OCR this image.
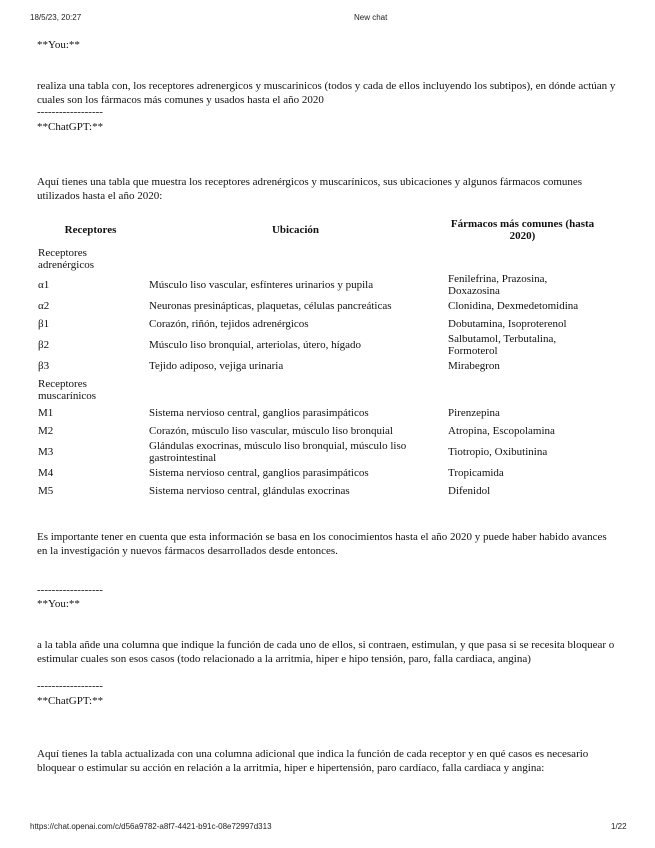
18/5/23, 20:27	New chat
**You:**
realiza una tabla con, los receptores adrenergicos y muscarinicos (todos y cada de ellos incluyendo los subtipos), en dónde actúan y cuales son los fármacos más comunes y usados hasta el año 2020
------------------
**ChatGPT:**
Aquí tienes una tabla que muestra los receptores adrenérgicos y muscarínicos, sus ubicaciones y algunos fármacos comunes utilizados hasta el año 2020:
Receptores	Ubicación	Fármacos más comunes (hasta 2020)
Receptores adrenérgicos		
α1	Músculo liso vascular, esfínteres urinarios y pupila	Fenilefrina, Prazosina, Doxazosina
α2	Neuronas presinápticas, plaquetas, células pancreáticas	Clonidina, Dexmedetomidina
β1	Corazón, riñón, tejidos adrenérgicos	Dobutamina, Isoproterenol
β2	Músculo liso bronquial, arteriolas, útero, hígado	Salbutamol, Terbutalina, Formoterol
β3	Tejido adiposo, vejiga urinaria	Mirabegron
Receptores muscarínicos		
M1	Sistema nervioso central, ganglios parasimpáticos	Pirenzepina
M2	Corazón, músculo liso vascular, músculo liso bronquial	Atropina, Escopolamina
M3	Glándulas exocrinas, músculo liso bronquial, músculo liso gastrointestinal	Tiotropio, Oxibutinina
M4	Sistema nervioso central, ganglios parasimpáticos	Tropicamida
M5	Sistema nervioso central, glándulas exocrinas	Difenidol
Es importante tener en cuenta que esta información se basa en los conocimientos hasta el año 2020 y puede haber habido avances en la investigación y nuevos fármacos desarrollados desde entonces.
------------------
**You:**
a la tabla añde una columna que indique la función de cada uno de ellos, si contraen, estimulan, y que pasa si se recesita bloquear o estimular cuales son esos casos (todo relacionado a la arritmia, hiper e hipo tensión, paro, falla cardiaca, angina)
------------------
**ChatGPT:**
Aquí tienes la tabla actualizada con una columna adicional que indica la función de cada receptor y en qué casos es necesario bloquear o estimular su acción en relación a la arritmia, hiper e hipertensión, paro cardíaco, falla cardiaca y angina:
https://chat.openai.com/c/d56a9782-a8f7-4421-b91c-08e72997d313	1/22
